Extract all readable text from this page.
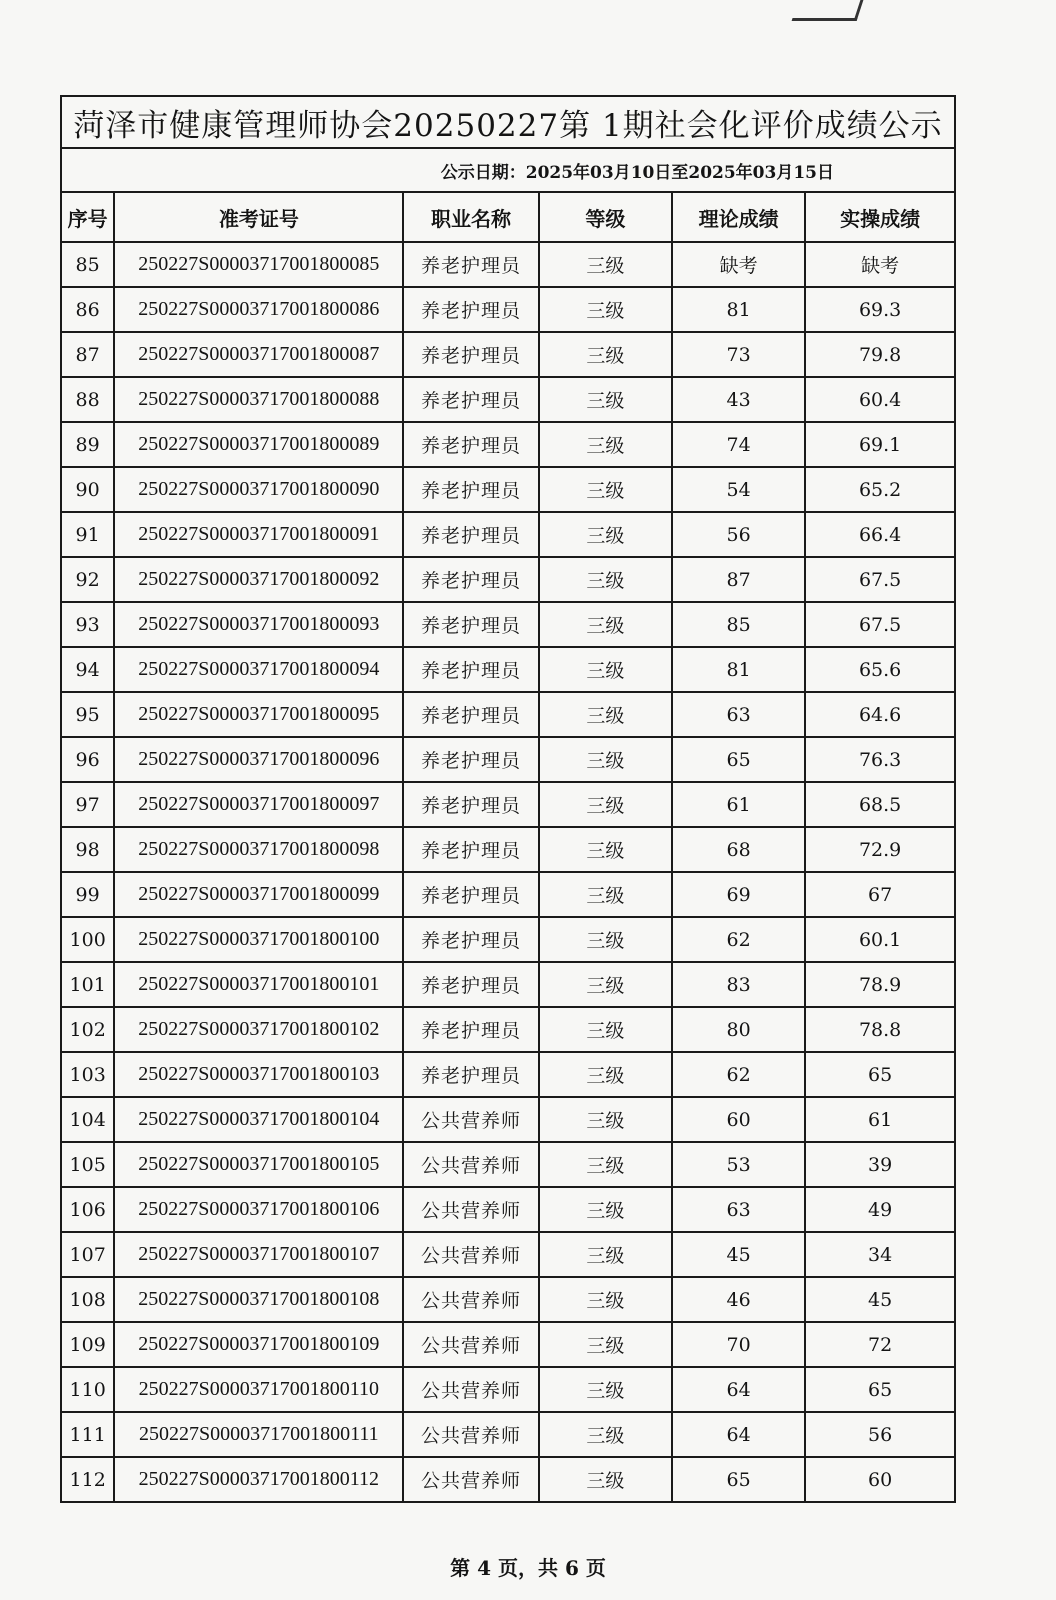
菏泽市健康管理师协会20250227第 1期社会化评价成绩公示					
公示日期：2025年03月10日至2025年03月15日					
序号	准考证号	职业名称	等级	理论成绩	实操成绩
85	250227S00003717001800085	养老护理员	三级	缺考	缺考
86	250227S00003717001800086	养老护理员	三级	81	69.3
87	250227S00003717001800087	养老护理员	三级	73	79.8
88	250227S00003717001800088	养老护理员	三级	43	60.4
89	250227S00003717001800089	养老护理员	三级	74	69.1
90	250227S00003717001800090	养老护理员	三级	54	65.2
91	250227S00003717001800091	养老护理员	三级	56	66.4
92	250227S00003717001800092	养老护理员	三级	87	67.5
93	250227S00003717001800093	养老护理员	三级	85	67.5
94	250227S00003717001800094	养老护理员	三级	81	65.6
95	250227S00003717001800095	养老护理员	三级	63	64.6
96	250227S00003717001800096	养老护理员	三级	65	76.3
97	250227S00003717001800097	养老护理员	三级	61	68.5
98	250227S00003717001800098	养老护理员	三级	68	72.9
99	250227S00003717001800099	养老护理员	三级	69	67
100	250227S00003717001800100	养老护理员	三级	62	60.1
101	250227S00003717001800101	养老护理员	三级	83	78.9
102	250227S00003717001800102	养老护理员	三级	80	78.8
103	250227S00003717001800103	养老护理员	三级	62	65
104	250227S00003717001800104	公共营养师	三级	60	61
105	250227S00003717001800105	公共营养师	三级	53	39
106	250227S00003717001800106	公共营养师	三级	63	49
107	250227S00003717001800107	公共营养师	三级	45	34
108	250227S00003717001800108	公共营养师	三级	46	45
109	250227S00003717001800109	公共营养师	三级	70	72
110	250227S00003717001800110	公共营养师	三级	64	65
111	250227S00003717001800111	公共营养师	三级	64	56
112	250227S00003717001800112	公共营养师	三级	65	60
第 4 页，共 6 页
